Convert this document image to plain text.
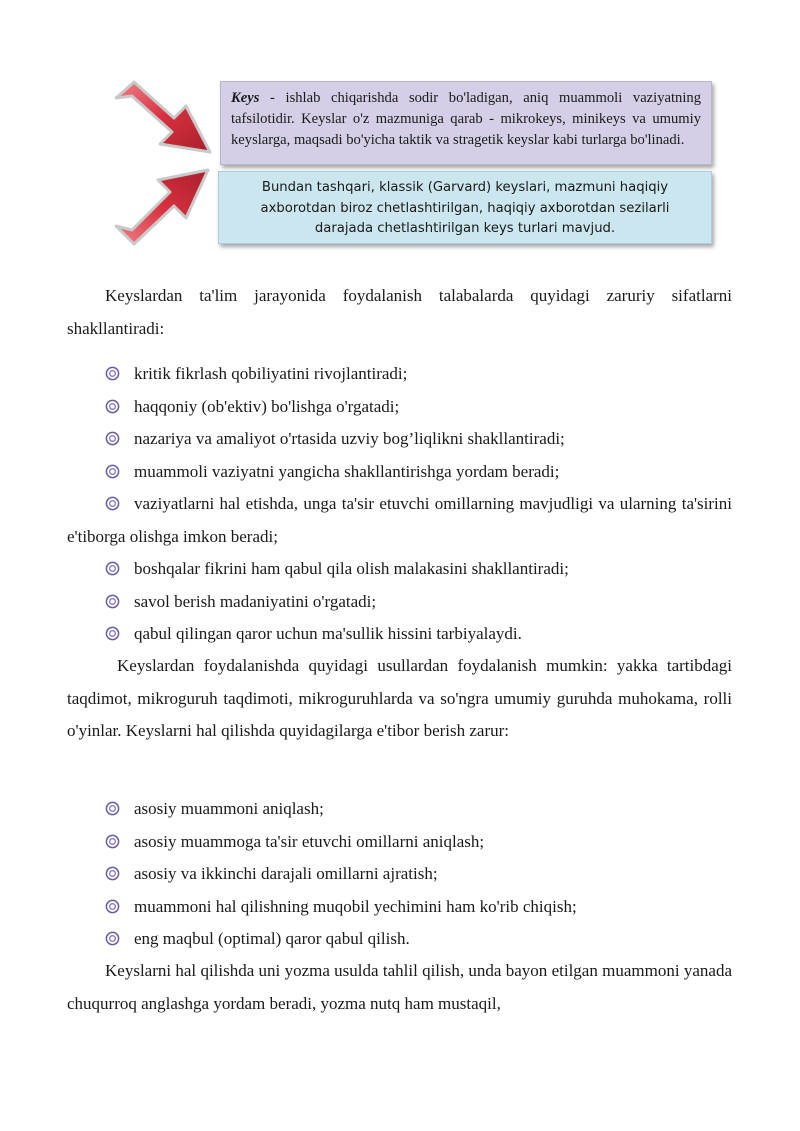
Keys - ishlab chiqarishda sodir bo'ladigan, aniq muammoli vaziyatning tafsilotidir. Keyslar o'z mazmuniga qarab - mikrokeys, minikeys va umumiy keyslarga, maqsadi bo'yicha taktik va stragetik keyslar kabi turlarga bo'linadi.

Bundan tashqari, klassik (Garvard) keyslari, mazmuni haqiqiy axborotdan biroz chetlashtirilgan, haqiqiy axborotdan sezilarli darajada chetlashtirilgan keys turlari mavjud.

Keyslardan ta'lim jarayonida foydalanish talabalarda quyidagi zaruriy sifatlarni shakllantiradi:

kritik fikrlash qobiliyatini rivojlantiradi;
haqqoniy (ob'ektiv) bo'lishga o'rgatadi;
nazariya va amaliyot o'rtasida uzviy bog’liqlikni shakllantiradi;
muammoli vaziyatni yangicha shakllantirishga yordam beradi;
vaziyatlarni hal etishda, unga ta'sir etuvchi omillarning mavjudligi va ularning ta'sirini e'tiborga olishga imkon beradi;
boshqalar fikrini ham qabul qila olish malakasini shakllantiradi;
savol berish madaniyatini o'rgatadi;
qabul qilingan qaror uchun ma'sullik hissini tarbiyalaydi.

Keyslardan foydalanishda quyidagi usullardan foydalanish mumkin: yakka tartibdagi taqdimot, mikroguruh taqdimoti, mikroguruhlarda va so'ngra umumiy guruhda muhokama, rolli o'yinlar. Keyslarni hal qilishda quyidagilarga e'tibor berish zarur:

asosiy muammoni aniqlash;
asosiy muammoga ta'sir etuvchi omillarni aniqlash;
asosiy va ikkinchi darajali omillarni ajratish;
muammoni hal qilishning muqobil yechimini ham ko'rib chiqish;
eng maqbul (optimal) qaror qabul qilish.

Keyslarni hal qilishda uni yozma usulda tahlil qilish, unda bayon etilgan muammoni yanada chuqurroq anglashga yordam beradi, yozma nutq ham mustaqil,
